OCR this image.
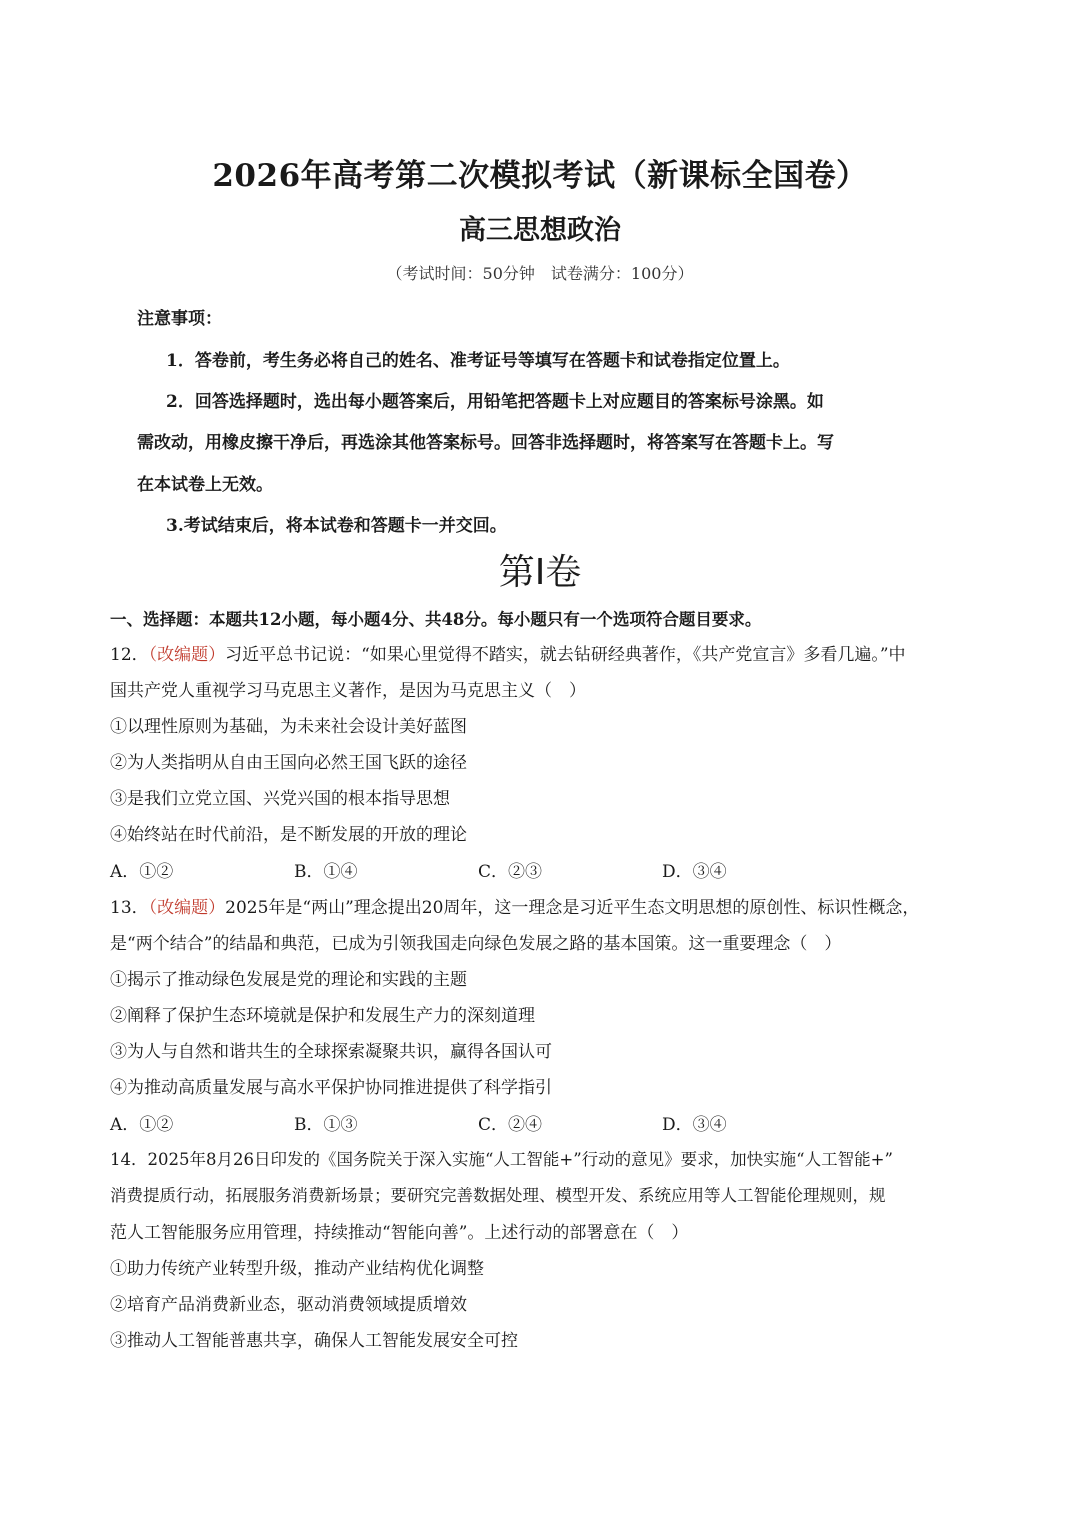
2026年高考第二次模拟考试（新课标全国卷）
高三思想政治
（考试时间：50分钟　试卷满分：100分）
注意事项：
1．答卷前，考生务必将自己的姓名、准考证号等填写在答题卡和试卷指定位置上。
2．回答选择题时，选出每小题答案后，用铅笔把答题卡上对应题目的答案标号涂黑。如
需改动，用橡皮擦干净后，再选涂其他答案标号。回答非选择题时，将答案写在答题卡上。写
在本试卷上无效。
3.考试结束后，将本试卷和答题卡一并交回。
第Ⅰ卷
一、选择题：本题共12小题，每小题4分、共48分。每小题只有一个选项符合题目要求。
12．（改编题）习近平总书记说：“如果心里觉得不踏实，就去钻研经典著作，《共产党宣言》多看几遍。”中
国共产党人重视学习马克思主义著作，是因为马克思主义（　）
①以理性原则为基础，为未来社会设计美好蓝图
②为人类指明从自由王国向必然王国飞跃的途径
③是我们立党立国、兴党兴国的根本指导思想
④始终站在时代前沿，是不断发展的开放的理论
A．①②	B．①④	C．②③	D．③④
13．（改编题）2025年是“两山”理念提出20周年，这一理念是习近平生态文明思想的原创性、标识性概念，
是“两个结合”的结晶和典范，已成为引领我国走向绿色发展之路的基本国策。这一重要理念（　）
①揭示了推动绿色发展是党的理论和实践的主题
②阐释了保护生态环境就是保护和发展生产力的深刻道理
③为人与自然和谐共生的全球探索凝聚共识，赢得各国认可
④为推动高质量发展与高水平保护协同推进提供了科学指引
A．①②	B．①③	C．②④	D．③④
14．2025年8月26日印发的《国务院关于深入实施“人工智能+”行动的意见》要求，加快实施“人工智能+”
消费提质行动，拓展服务消费新场景；要研究完善数据处理、模型开发、系统应用等人工智能伦理规则，规
范人工智能服务应用管理，持续推动“智能向善”。上述行动的部署意在（　）
①助力传统产业转型升级，推动产业结构优化调整
②培育产品消费新业态，驱动消费领域提质增效
③推动人工智能普惠共享，确保人工智能发展安全可控
